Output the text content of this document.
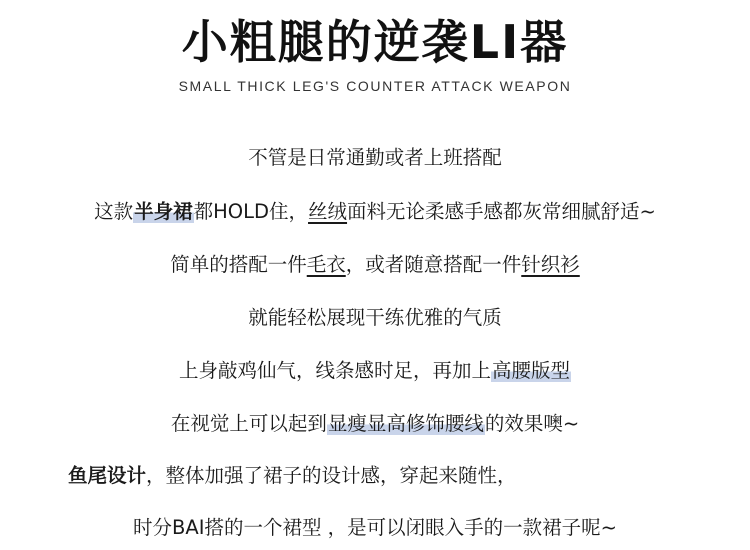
小粗腿的逆袭LI器
SMALL THICK LEG'S COUNTER ATTACK WEAPON
不管是日常通勤或者上班搭配
这款半身裙都HOLD住，丝绒面料无论柔感手感都灰常细腻舒适~
简单的搭配一件毛衣，或者随意搭配一件针织衫
就能轻松展现干练优雅的气质
上身敲鸡仙气，线条感时足，再加上高腰版型
在视觉上可以起到显瘦显高修饰腰线的效果噢~
鱼尾设计，整体加强了裙子的设计感，穿起来随性，
时分BAI搭的一个裙型 ，是可以闭眼入手的一款裙子呢~
